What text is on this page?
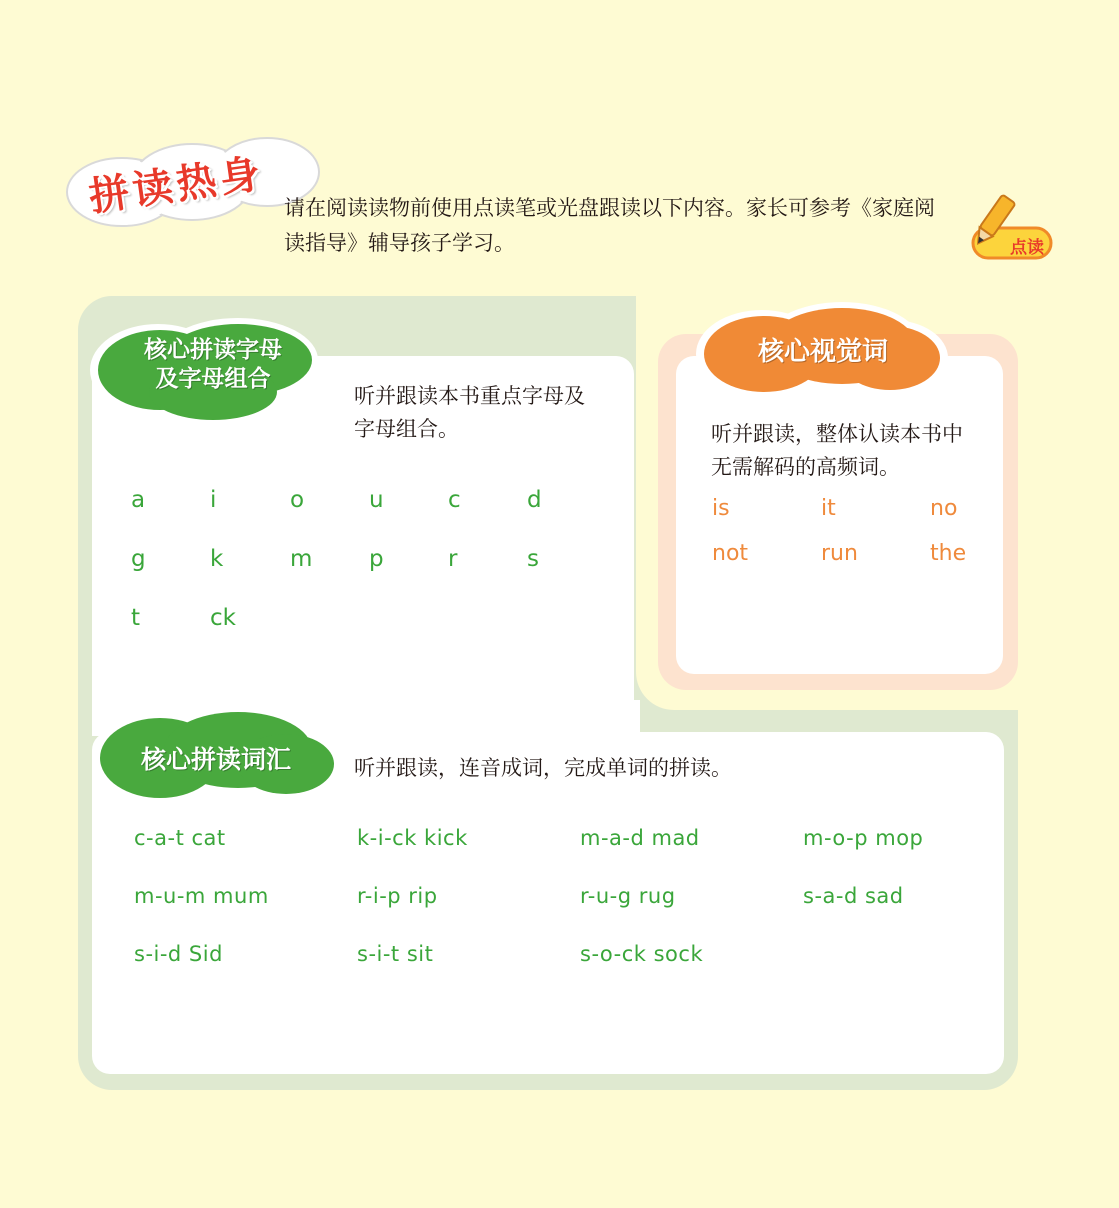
拼读热身 请在阅读读物前使用点读笔或光盘跟读以下内容。家长可参考《家庭阅
读指导》辅导孩子学习。	点读
核心拼读字母
及字母组合
听并跟读本书重点字母及
字母组合。
a	i	o	u	c	d
g	k	m p	r	s
t	ck
核心视觉词
听并跟读，整体认读本书中
无需解码的高频词。
is	it	no
not	run	the
核心拼读词汇	听并跟读，连音成词，完成单词的拼读。
c-a-t cat	k-i-ck kick	m-a-d mad	m-o-p mop
m-u-m mum	r-i-p rip	r-u-g rug	s-a-d sad
s-i-d Sid	s-i-t sit	s-o-ck sock
